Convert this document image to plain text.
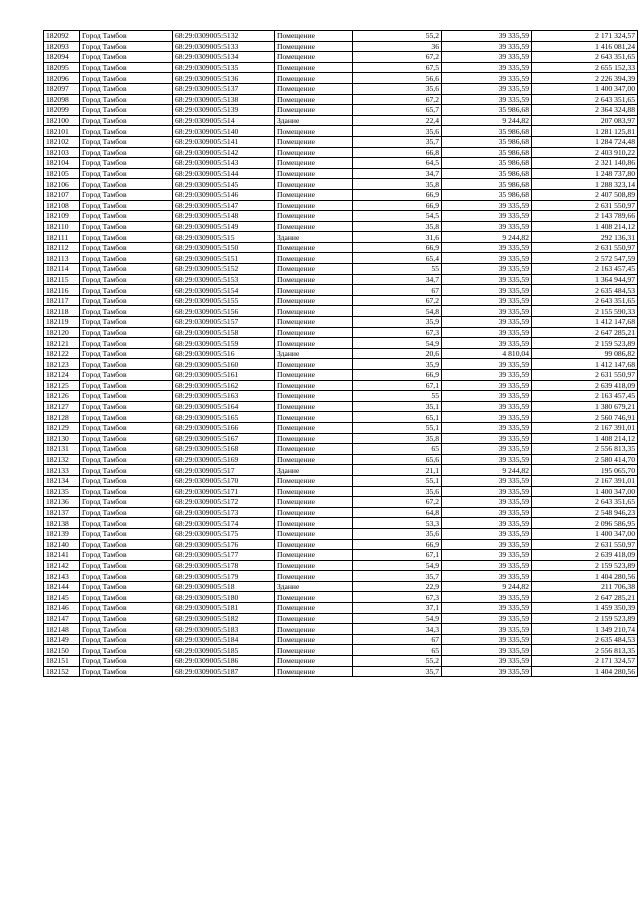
182092	Город Тамбов	68:29:0309005:5132	Помещение	55,2	39 335,59	2 171 324,57
182093	Город Тамбов	68:29:0309005:5133	Помещение	36	39 335,59	1 416 081,24
182094	Город Тамбов	68:29:0309005:5134	Помещение	67,2	39 335,59	2 643 351,65
182095	Город Тамбов	68:29:0309005:5135	Помещение	67,5	39 335,59	2 655 152,33
182096	Город Тамбов	68:29:0309005:5136	Помещение	56,6	39 335,59	2 226 394,39
182097	Город Тамбов	68:29:0309005:5137	Помещение	35,6	39 335,59	1 400 347,00
182098	Город Тамбов	68:29:0309005:5138	Помещение	67,2	39 335,59	2 643 351,65
182099	Город Тамбов	68:29:0309005:5139	Помещение	65,7	35 986,68	2 364 324,88
182100	Город Тамбов	68:29:0309005:514	Здание	22,4	9 244,82	207 083,97
182101	Город Тамбов	68:29:0309005:5140	Помещение	35,6	35 986,68	1 281 125,81
182102	Город Тамбов	68:29:0309005:5141	Помещение	35,7	35 986,68	1 284 724,48
182103	Город Тамбов	68:29:0309005:5142	Помещение	66,8	35 986,68	2 403 910,22
182104	Город Тамбов	68:29:0309005:5143	Помещение	64,5	35 986,68	2 321 140,86
182105	Город Тамбов	68:29:0309005:5144	Помещение	34,7	35 986,68	1 248 737,80
182106	Город Тамбов	68:29:0309005:5145	Помещение	35,8	35 986,68	1 288 323,14
182107	Город Тамбов	68:29:0309005:5146	Помещение	66,9	35 986,68	2 407 508,89
182108	Город Тамбов	68:29:0309005:5147	Помещение	66,9	39 335,59	2 631 550,97
182109	Город Тамбов	68:29:0309005:5148	Помещение	54,5	39 335,59	2 143 789,66
182110	Город Тамбов	68:29:0309005:5149	Помещение	35,8	39 335,59	1 408 214,12
182111	Город Тамбов	68:29:0309005:515	Здание	31,6	9 244,82	292 136,31
182112	Город Тамбов	68:29:0309005:5150	Помещение	66,9	39 335,59	2 631 550,97
182113	Город Тамбов	68:29:0309005:5151	Помещение	65,4	39 335,59	2 572 547,59
182114	Город Тамбов	68:29:0309005:5152	Помещение	55	39 335,59	2 163 457,45
182115	Город Тамбов	68:29:0309005:5153	Помещение	34,7	39 335,59	1 364 944,97
182116	Город Тамбов	68:29:0309005:5154	Помещение	67	39 335,59	2 635 484,53
182117	Город Тамбов	68:29:0309005:5155	Помещение	67,2	39 335,59	2 643 351,65
182118	Город Тамбов	68:29:0309005:5156	Помещение	54,8	39 335,59	2 155 590,33
182119	Город Тамбов	68:29:0309005:5157	Помещение	35,9	39 335,59	1 412 147,68
182120	Город Тамбов	68:29:0309005:5158	Помещение	67,3	39 335,59	2 647 285,21
182121	Город Тамбов	68:29:0309005:5159	Помещение	54,9	39 335,59	2 159 523,89
182122	Город Тамбов	68:29:0309005:516	Здание	20,6	4 810,04	99 086,82
182123	Город Тамбов	68:29:0309005:5160	Помещение	35,9	39 335,59	1 412 147,68
182124	Город Тамбов	68:29:0309005:5161	Помещение	66,9	39 335,59	2 631 550,97
182125	Город Тамбов	68:29:0309005:5162	Помещение	67,1	39 335,59	2 639 418,09
182126	Город Тамбов	68:29:0309005:5163	Помещение	55	39 335,59	2 163 457,45
182127	Город Тамбов	68:29:0309005:5164	Помещение	35,1	39 335,59	1 380 679,21
182128	Город Тамбов	68:29:0309005:5165	Помещение	65,1	39 335,59	2 560 746,91
182129	Город Тамбов	68:29:0309005:5166	Помещение	55,1	39 335,59	2 167 391,01
182130	Город Тамбов	68:29:0309005:5167	Помещение	35,8	39 335,59	1 408 214,12
182131	Город Тамбов	68:29:0309005:5168	Помещение	65	39 335,59	2 556 813,35
182132	Город Тамбов	68:29:0309005:5169	Помещение	65,6	39 335,59	2 580 414,70
182133	Город Тамбов	68:29:0309005:517	Здание	21,1	9 244,82	195 065,70
182134	Город Тамбов	68:29:0309005:5170	Помещение	55,1	39 335,59	2 167 391,01
182135	Город Тамбов	68:29:0309005:5171	Помещение	35,6	39 335,59	1 400 347,00
182136	Город Тамбов	68:29:0309005:5172	Помещение	67,2	39 335,59	2 643 351,65
182137	Город Тамбов	68:29:0309005:5173	Помещение	64,8	39 335,59	2 548 946,23
182138	Город Тамбов	68:29:0309005:5174	Помещение	53,3	39 335,59	2 096 586,95
182139	Город Тамбов	68:29:0309005:5175	Помещение	35,6	39 335,59	1 400 347,00
182140	Город Тамбов	68:29:0309005:5176	Помещение	66,9	39 335,59	2 631 550,97
182141	Город Тамбов	68:29:0309005:5177	Помещение	67,1	39 335,59	2 639 418,09
182142	Город Тамбов	68:29:0309005:5178	Помещение	54,9	39 335,59	2 159 523,89
182143	Город Тамбов	68:29:0309005:5179	Помещение	35,7	39 335,59	1 404 280,56
182144	Город Тамбов	68:29:0309005:518	Здание	22,9	9 244,82	211 706,38
182145	Город Тамбов	68:29:0309005:5180	Помещение	67,3	39 335,59	2 647 285,21
182146	Город Тамбов	68:29:0309005:5181	Помещение	37,1	39 335,59	1 459 350,39
182147	Город Тамбов	68:29:0309005:5182	Помещение	54,9	39 335,59	2 159 523,89
182148	Город Тамбов	68:29:0309005:5183	Помещение	34,3	39 335,59	1 349 210,74
182149	Город Тамбов	68:29:0309005:5184	Помещение	67	39 335,59	2 635 484,53
182150	Город Тамбов	68:29:0309005:5185	Помещение	65	39 335,59	2 556 813,35
182151	Город Тамбов	68:29:0309005:5186	Помещение	55,2	39 335,59	2 171 324,57
182152	Город Тамбов	68:29:0309005:5187	Помещение	35,7	39 335,59	1 404 280,56
